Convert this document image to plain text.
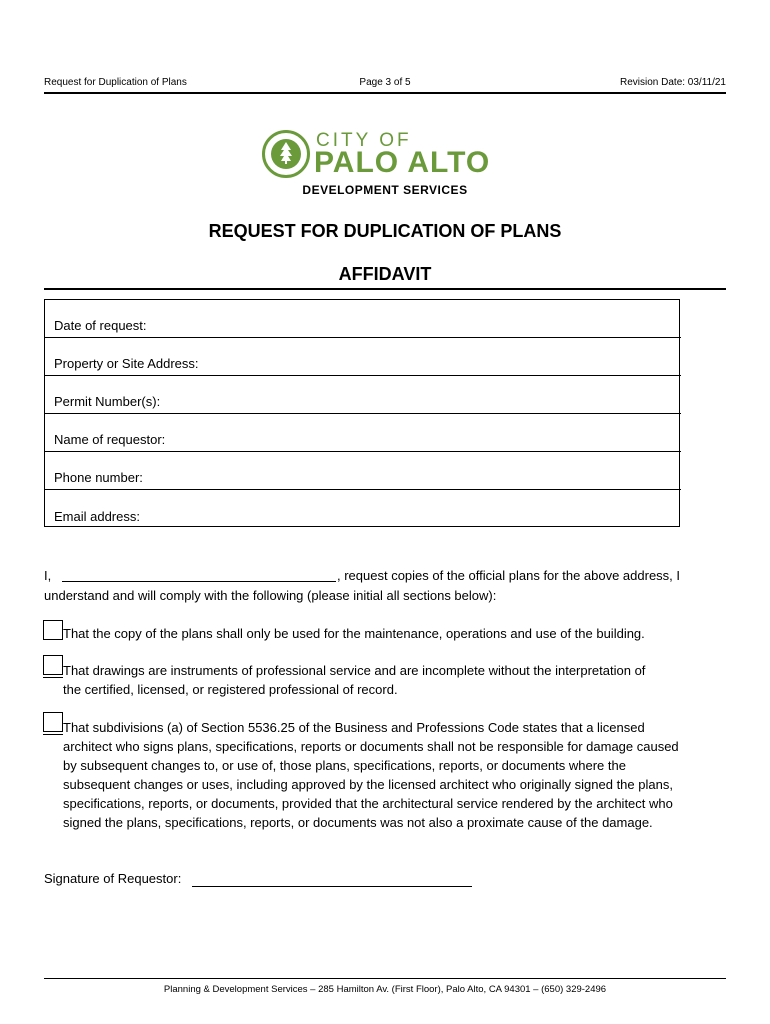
Request for Duplication of Plans	Page 3 of 5	Revision Date: 03/11/21
CITY OF
PALO ALTO
DEVELOPMENT SERVICES
REQUEST FOR DUPLICATION OF PLANS
AFFIDAVIT
Date of request:
Property or Site Address:
Permit Number(s):
Name of requestor:
Phone number:
Email address:
I,	, request copies of the official plans for the above address, I
understand and will comply with the following (please initial all sections below):
That the copy of the plans shall only be used for the maintenance, operations and use of the building.
That drawings are instruments of professional service and are incomplete without the interpretation of
the certified, licensed, or registered professional of record.
That subdivisions (a) of Section 5536.25 of the Business and Professions Code states that a licensed
architect who signs plans, specifications, reports or documents shall not be responsible for damage caused
by subsequent changes to, or use of, those plans, specifications, reports, or documents where the
subsequent changes or uses, including approved by the licensed architect who originally signed the plans,
specifications, reports, or documents, provided that the architectural service rendered by the architect who
signed the plans, specifications, reports, or documents was not also a proximate cause of the damage.
Signature of Requestor:
Planning & Development Services – 285 Hamilton Av. (First Floor), Palo Alto, CA 94301 – (650) 329-2496
